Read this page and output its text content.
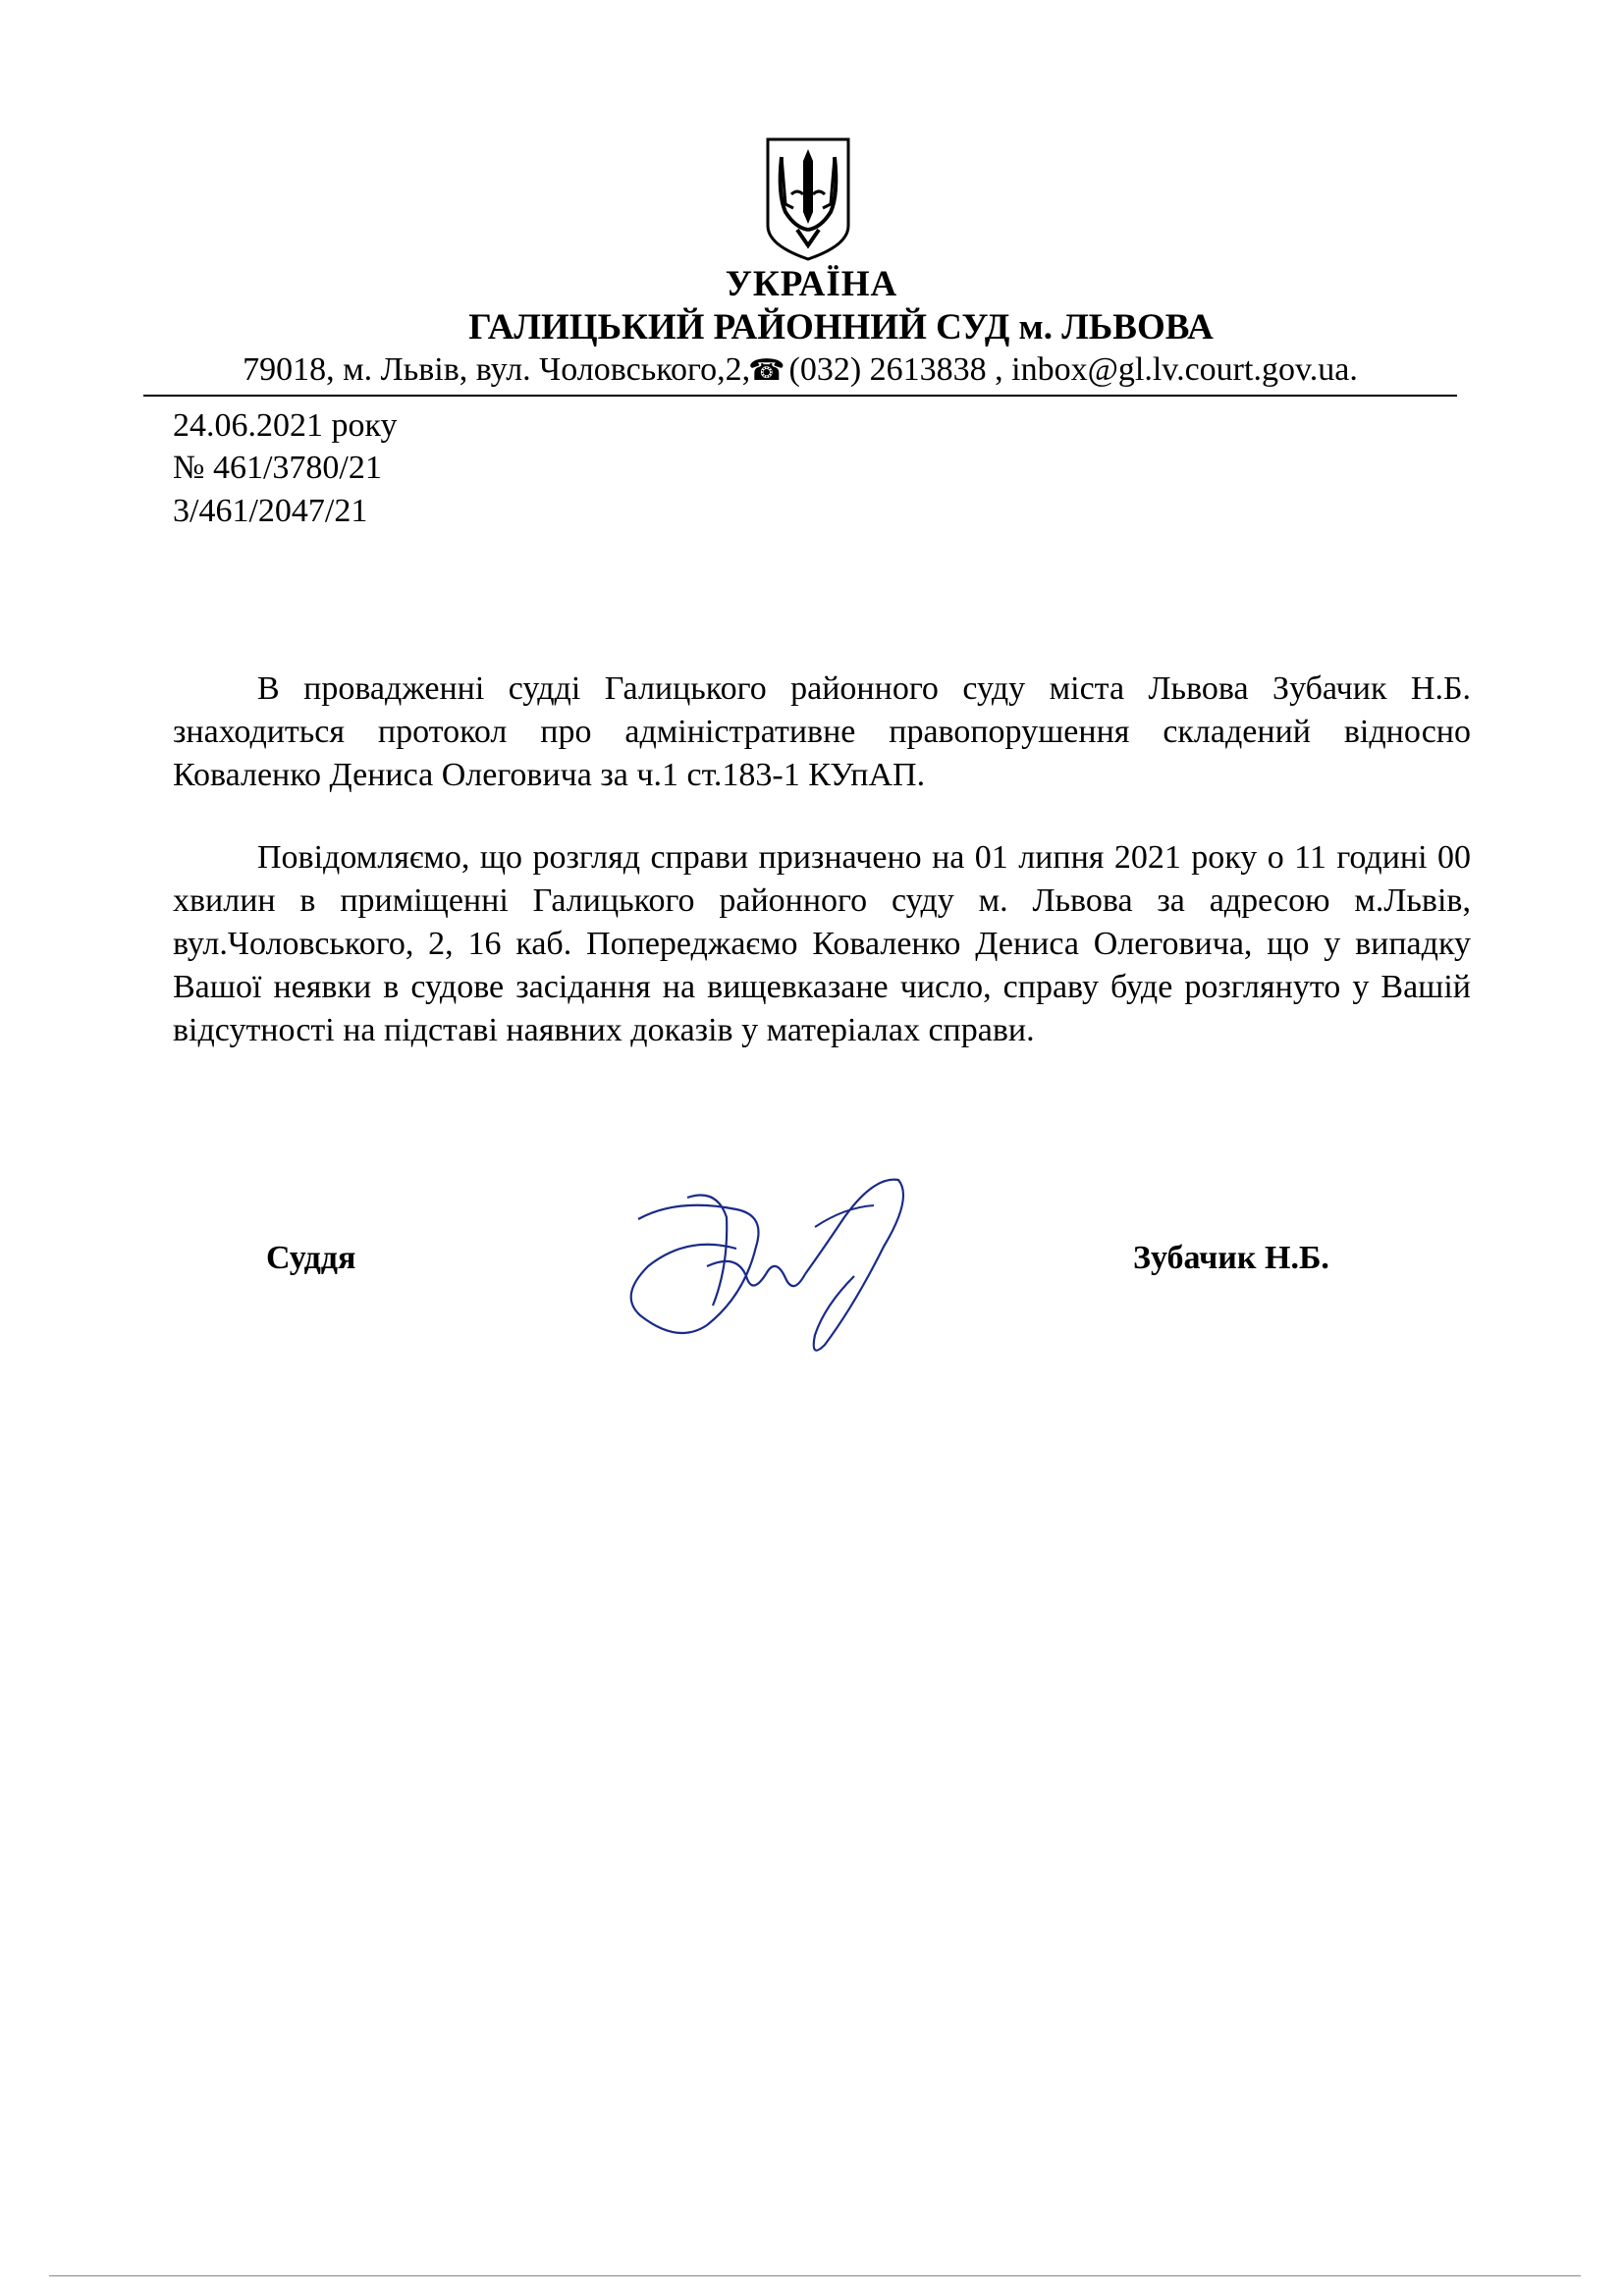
УКРАЇНА
ГАЛИЦЬКИЙ РАЙОННИЙ СУД м. ЛЬВОВА
79018, м. Львів, вул. Чоловського,2,☎ (032) 2613838 , inbox@gl.lv.court.gov.ua.
24.06.2021 року
№ 461/3780/21
3/461/2047/21

В провадженні судді Галицького районного суду міста Львова Зубачик Н.Б. знаходиться протокол про адміністративне правопорушення складений відносно Коваленко Дениса Олеговича за ч.1 ст.183-1 КУпАП.

Повідомляємо, що розгляд справи призначено на 01 липня 2021 року о 11 годині 00 хвилин в приміщенні Галицького районного суду м. Львова за адресою м.Львів, вул.Чоловського, 2, 16 каб. Попереджаємо Коваленко Дениса Олеговича, що у випадку Вашої неявки в судове засідання на вищевказане число, справу буде розглянуто у Вашій відсутності на підставі наявних доказів у матеріалах справи.

Суддя	Зубачик Н.Б.
